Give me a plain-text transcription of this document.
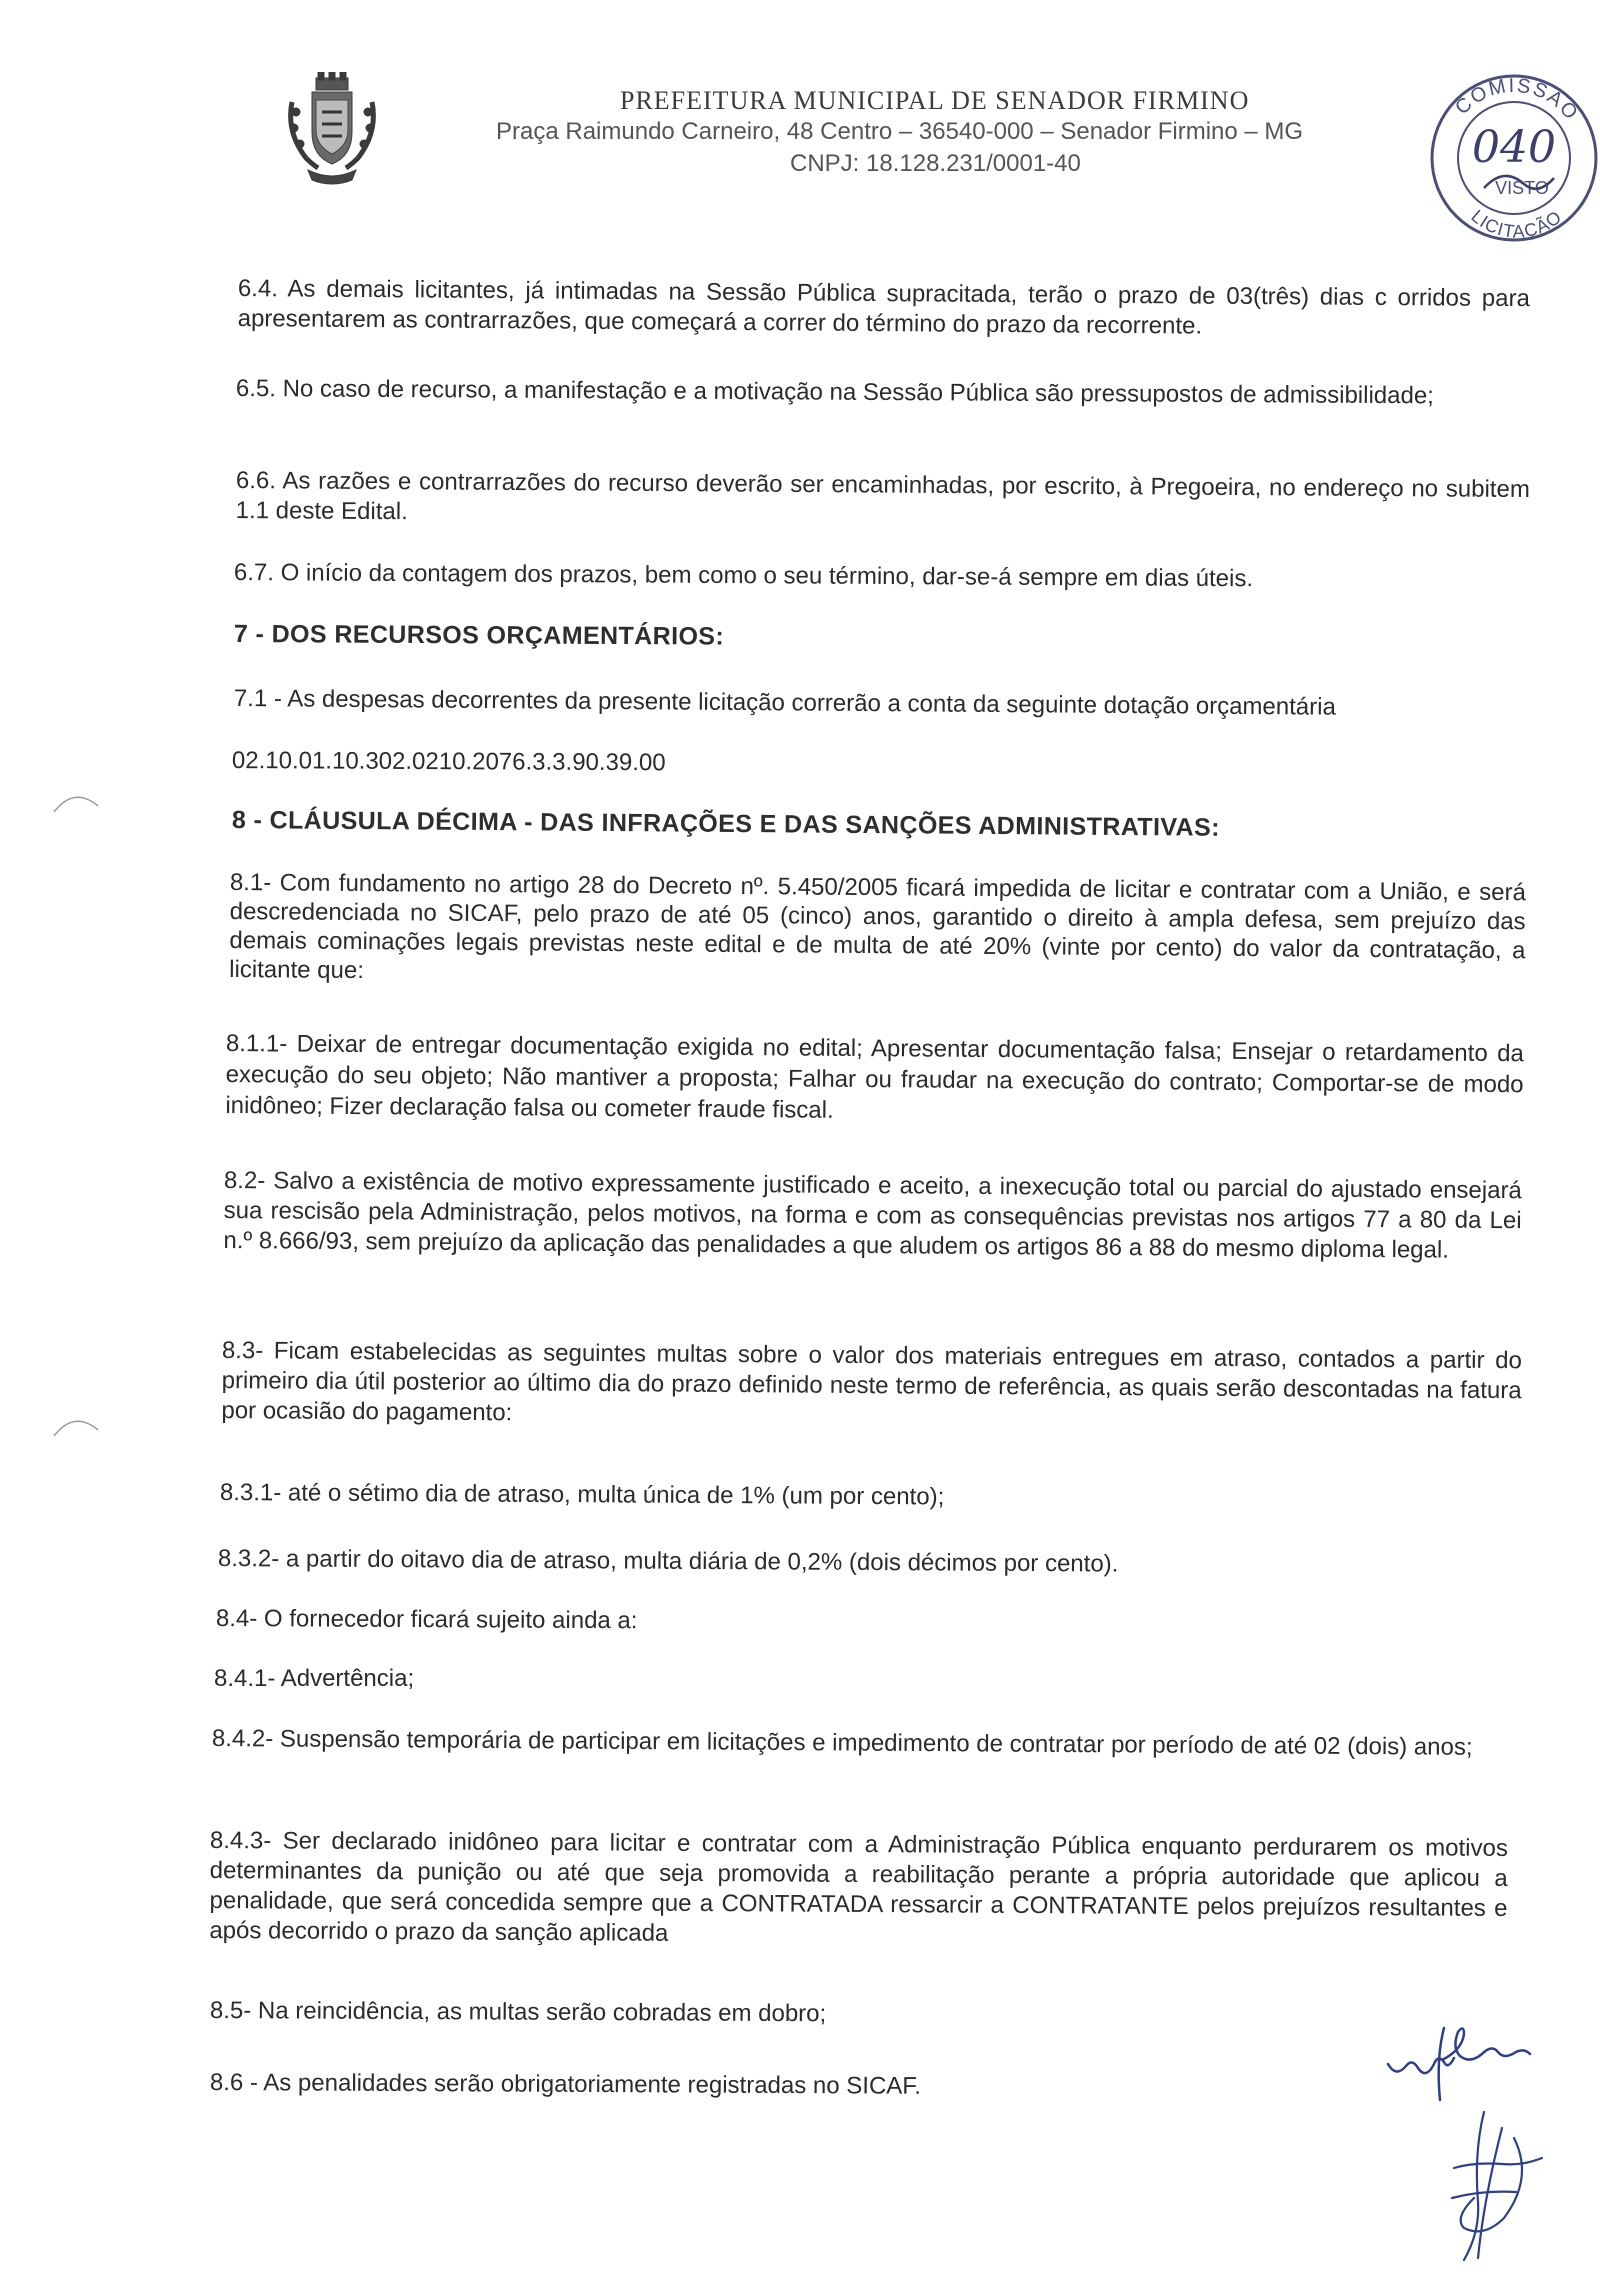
PREFEITURA MUNICIPAL DE SENADOR FIRMINO
Praça Raimundo Carneiro, 48 Centro – 36540-000 – Senador Firmino – MG
CNPJ: 18.128.231/0001-40
COMISSÃO
040
VISTO
LICITAÇÃO

6.4. As demais licitantes, já intimadas na Sessão Pública supracitada, terão o prazo de 03(três) dias c orridos para apresentarem as contrarrazões, que começará a correr do término do prazo da recorrente.

6.5. No caso de recurso, a manifestação e a motivação na Sessão Pública são pressupostos de admissibilidade;

6.6. As razões e contrarrazões do recurso deverão ser encaminhadas, por escrito, à Pregoeira, no endereço no subitem 1.1 deste Edital.

6.7. O início da contagem dos prazos, bem como o seu término, dar-se-á sempre em dias úteis.

7 - DOS RECURSOS ORÇAMENTÁRIOS:

7.1 - As despesas decorrentes da presente licitação correrão a conta da seguinte dotação orçamentária

02.10.01.10.302.0210.2076.3.3.90.39.00

8 - CLÁUSULA DÉCIMA - DAS INFRAÇÕES E DAS SANÇÕES ADMINISTRATIVAS:

8.1- Com fundamento no artigo 28 do Decreto nº. 5.450/2005 ficará impedida de licitar e contratar com a União, e será descredenciada no SICAF, pelo prazo de até 05 (cinco) anos, garantido o direito à ampla defesa, sem prejuízo das demais cominações legais previstas neste edital e de multa de até 20% (vinte por cento) do valor da contratação, a licitante que:

8.1.1- Deixar de entregar documentação exigida no edital; Apresentar documentação falsa; Ensejar o retardamento da execução do seu objeto; Não mantiver a proposta; Falhar ou fraudar na execução do contrato; Comportar-se de modo inidôneo; Fizer declaração falsa ou cometer fraude fiscal.

8.2- Salvo a existência de motivo expressamente justificado e aceito, a inexecução total ou parcial do ajustado ensejará sua rescisão pela Administração, pelos motivos, na forma e com as consequências previstas nos artigos 77 a 80 da Lei n.º 8.666/93, sem prejuízo da aplicação das penalidades a que aludem os artigos 86 a 88 do mesmo diploma legal.

8.3- Ficam estabelecidas as seguintes multas sobre o valor dos materiais entregues em atraso, contados a partir do primeiro dia útil posterior ao último dia do prazo definido neste termo de referência, as quais serão descontadas na fatura por ocasião do pagamento:

8.3.1- até o sétimo dia de atraso, multa única de 1% (um por cento);

8.3.2- a partir do oitavo dia de atraso, multa diária de 0,2% (dois décimos por cento).

8.4- O fornecedor ficará sujeito ainda a:

8.4.1- Advertência;

8.4.2- Suspensão temporária de participar em licitações e impedimento de contratar por período de até 02 (dois) anos;

8.4.3- Ser declarado inidôneo para licitar e contratar com a Administração Pública enquanto perdurarem os motivos determinantes da punição ou até que seja promovida a reabilitação perante a própria autoridade que aplicou a penalidade, que será concedida sempre que a CONTRATADA ressarcir a CONTRATANTE pelos prejuízos resultantes e após decorrido o prazo da sanção aplicada

8.5- Na reincidência, as multas serão cobradas em dobro;

8.6 - As penalidades serão obrigatoriamente registradas no SICAF.
